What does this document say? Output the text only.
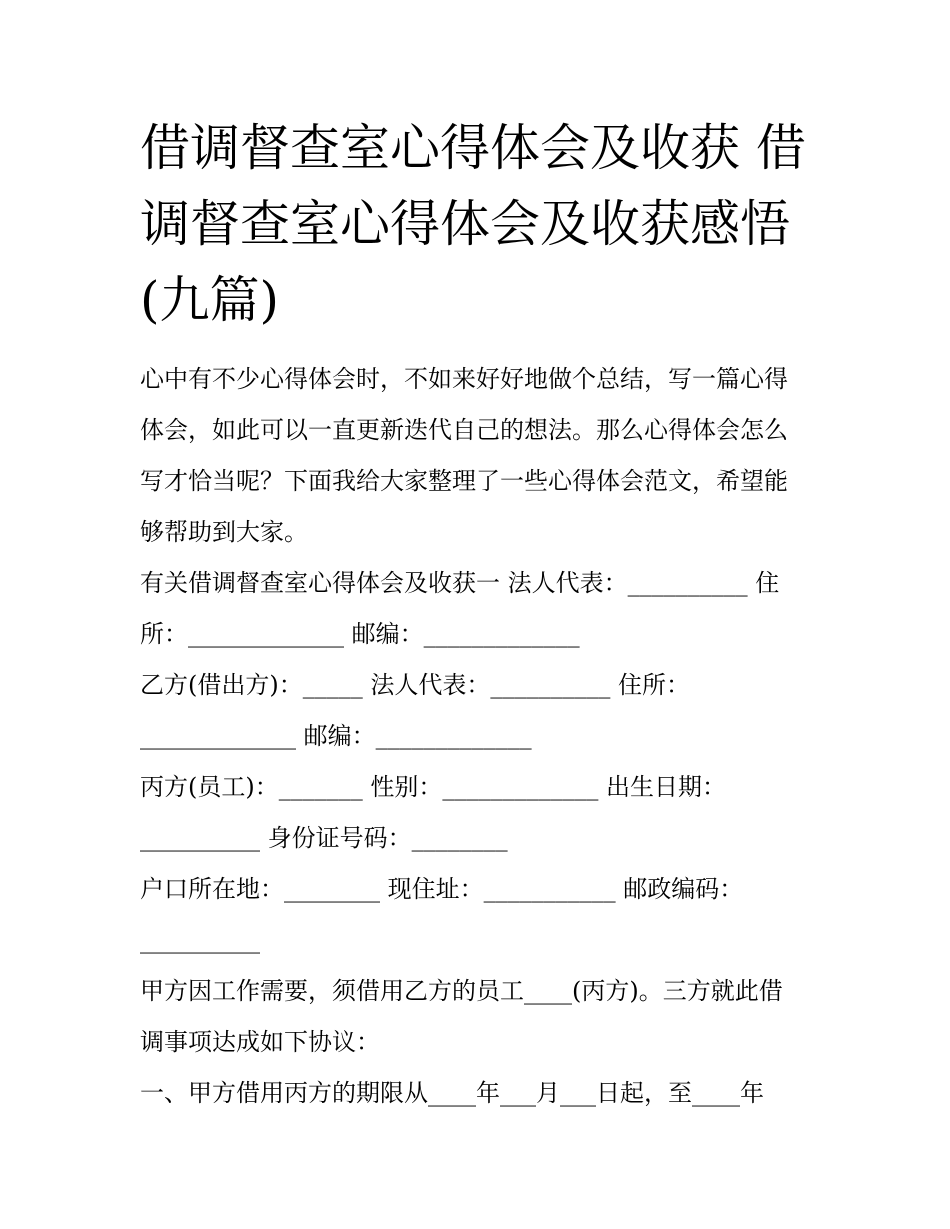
借调督查室心得体会及收获 借
调督查室心得体会及收获感悟
(九篇)
心中有不少心得体会时，不如来好好地做个总结，写一篇心得
体会，如此可以一直更新迭代自己的想法。那么心得体会怎么
写才恰当呢？下面我给大家整理了一些心得体会范文，希望能
够帮助到大家。
有关借调督查室心得体会及收获一 法人代表：__________ 住
所：_____________ 邮编：_____________
乙方(借出方)：_____ 法人代表：__________ 住所：
_____________ 邮编：_____________
丙方(员工)：_______ 性别：_____________ 出生日期：
__________ 身份证号码：________
户口所在地：________ 现住址：___________ 邮政编码：
__________
甲方因工作需要，须借用乙方的员工____(丙方)。三方就此借
调事项达成如下协议：
一、甲方借用丙方的期限从____年___月___日起，至____年
